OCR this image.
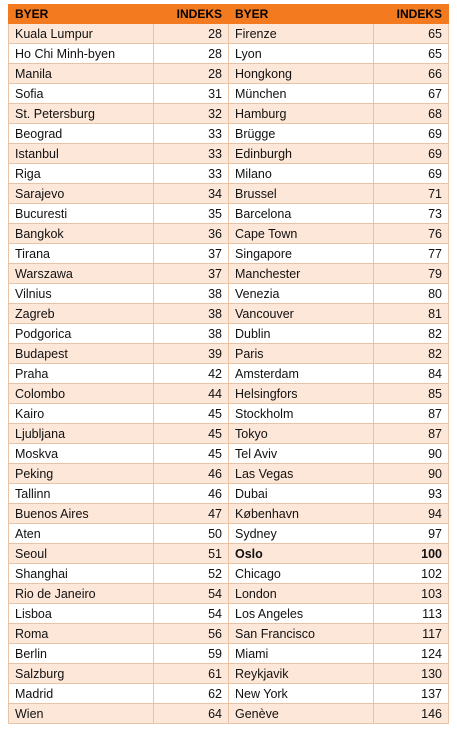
BYER	INDEKS	BYER	INDEKS
Kuala Lumpur	28	Firenze	65
Ho Chi Minh-byen	28	Lyon	65
Manila	28	Hongkong	66
Sofia	31	München	67
St. Petersburg	32	Hamburg	68
Beograd	33	Brügge	69
Istanbul	33	Edinburgh	69
Riga	33	Milano	69
Sarajevo	34	Brussel	71
Bucuresti	35	Barcelona	73
Bangkok	36	Cape Town	76
Tirana	37	Singapore	77
Warszawa	37	Manchester	79
Vilnius	38	Venezia	80
Zagreb	38	Vancouver	81
Podgorica	38	Dublin	82
Budapest	39	Paris	82
Praha	42	Amsterdam	84
Colombo	44	Helsingfors	85
Kairo	45	Stockholm	87
Ljubljana	45	Tokyo	87
Moskva	45	Tel Aviv	90
Peking	46	Las Vegas	90
Tallinn	46	Dubai	93
Buenos Aires	47	København	94
Aten	50	Sydney	97
Seoul	51	Oslo	100
Shanghai	52	Chicago	102
Rio de Janeiro	54	London	103
Lisboa	54	Los Angeles	113
Roma	56	San Francisco	117
Berlin	59	Miami	124
Salzburg	61	Reykjavik	130
Madrid	62	New York	137
Wien	64	Genève	146
